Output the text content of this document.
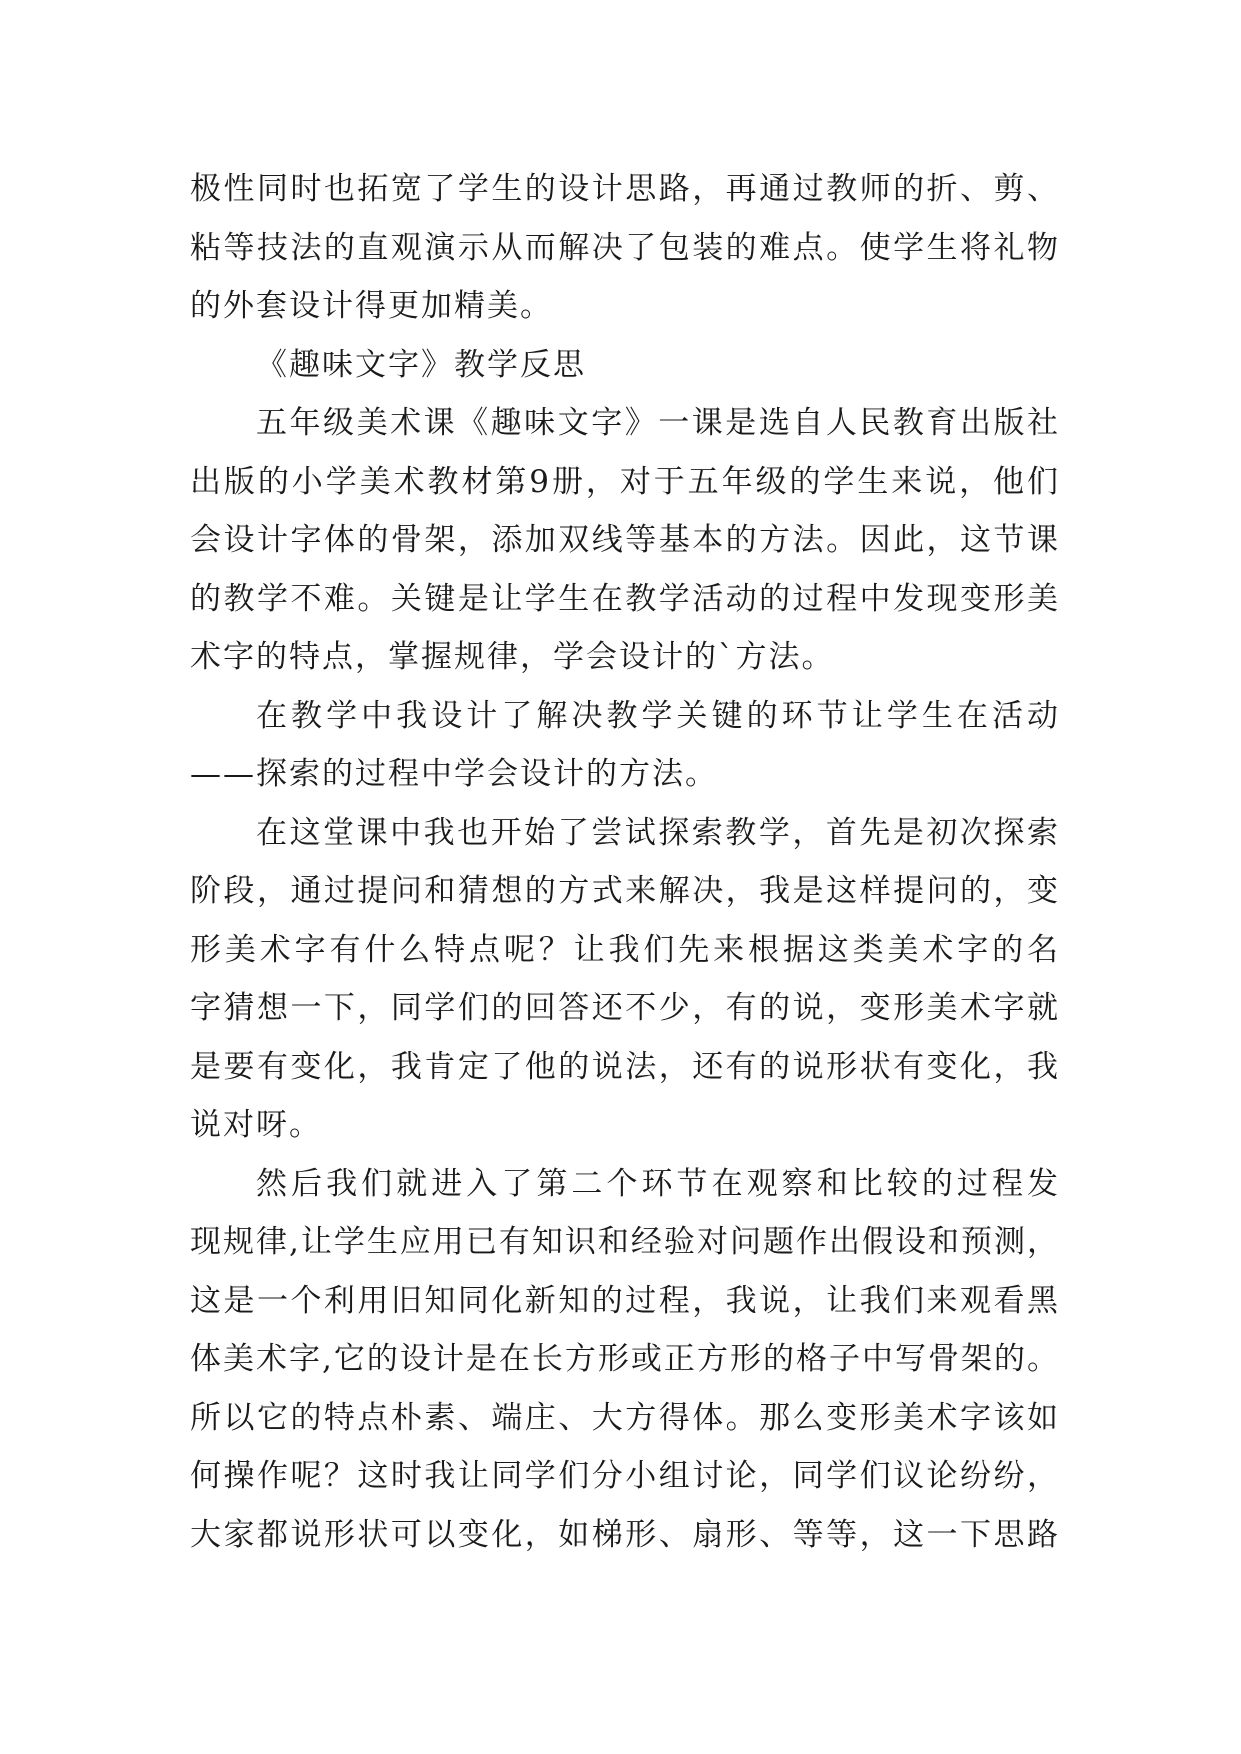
极性同时也拓宽了学生的设计思路，再通过教师的折、剪、
粘等技法的直观演示从而解决了包装的难点。使学生将礼物
的外套设计得更加精美。
《趣味文字》教学反思
五年级美术课《趣味文字》一课是选自人民教育出版社
出版的小学美术教材第9册，对于五年级的学生来说，他们
会设计字体的骨架，添加双线等基本的方法。因此，这节课
的教学不难。关键是让学生在教学活动的过程中发现变形美
术字的特点，掌握规律，学会设计的`方法。
在教学中我设计了解决教学关键的环节让学生在活动
——探索的过程中学会设计的方法。
在这堂课中我也开始了尝试探索教学，首先是初次探索
阶段，通过提问和猜想的方式来解决，我是这样提问的，变
形美术字有什么特点呢？让我们先来根据这类美术字的名
字猜想一下，同学们的回答还不少，有的说，变形美术字就
是要有变化，我肯定了他的说法，还有的说形状有变化，我
说对呀。
然后我们就进入了第二个环节在观察和比较的过程发
现规律,让学生应用已有知识和经验对问题作出假设和预测，
这是一个利用旧知同化新知的过程，我说，让我们来观看黑
体美术字,它的设计是在长方形或正方形的格子中写骨架的。
所以它的特点朴素、端庄、大方得体。那么变形美术字该如
何操作呢？这时我让同学们分小组讨论，同学们议论纷纷，
大家都说形状可以变化，如梯形、扇形、等等，这一下思路
